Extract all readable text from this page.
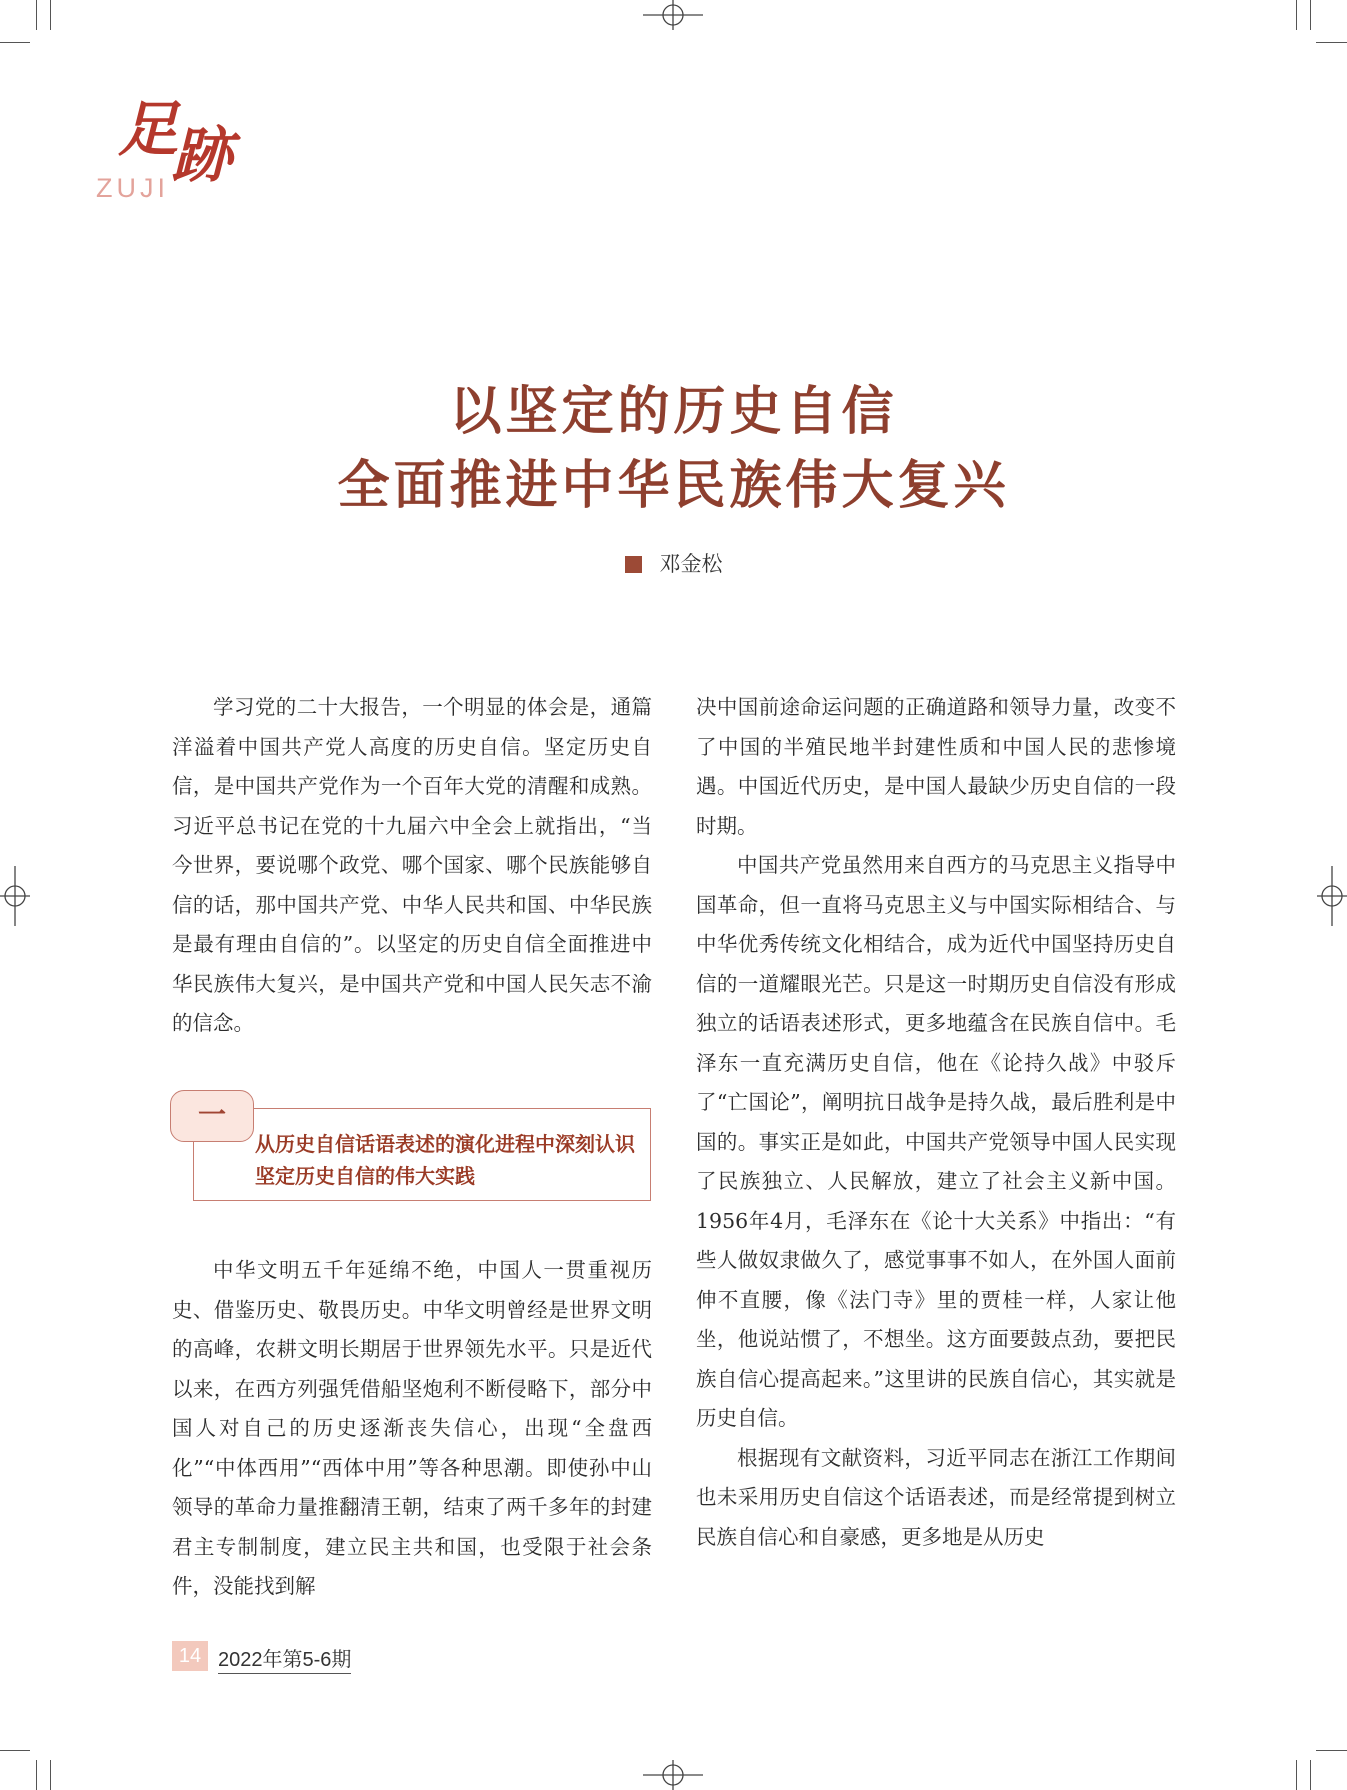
足跡
ZUJI
以坚定的历史自信
全面推进中华民族伟大复兴
邓金松

学习党的二十大报告，一个明显的体会是，通篇洋溢着中国共产党人高度的历史自信。坚定历史自信，是中国共产党作为一个百年大党的清醒和成熟。习近平总书记在党的十九届六中全会上就指出，“当今世界，要说哪个政党、哪个国家、哪个民族能够自信的话，那中国共产党、中华人民共和国、中华民族是最有理由自信的”。以坚定的历史自信全面推进中华民族伟大复兴，是中国共产党和中国人民矢志不渝的信念。

一
从历史自信话语表述的演化进程中深刻认识坚定历史自信的伟大实践

中华文明五千年延绵不绝，中国人一贯重视历史、借鉴历史、敬畏历史。中华文明曾经是世界文明的高峰，农耕文明长期居于世界领先水平。只是近代以来，在西方列强凭借船坚炮利不断侵略下，部分中国人对自己的历史逐渐丧失信心，出现“全盘西化”“中体西用”“西体中用”等各种思潮。即使孙中山领导的革命力量推翻清王朝，结束了两千多年的封建君主专制制度，建立民主共和国，也受限于社会条件，没能找到解

决中国前途命运问题的正确道路和领导力量，改变不了中国的半殖民地半封建性质和中国人民的悲惨境遇。中国近代历史，是中国人最缺少历史自信的一段时期。

中国共产党虽然用来自西方的马克思主义指导中国革命，但一直将马克思主义与中国实际相结合、与中华优秀传统文化相结合，成为近代中国坚持历史自信的一道耀眼光芒。只是这一时期历史自信没有形成独立的话语表述形式，更多地蕴含在民族自信中。毛泽东一直充满历史自信，他在《论持久战》中驳斥了“亡国论”，阐明抗日战争是持久战，最后胜利是中国的。事实正是如此，中国共产党领导中国人民实现了民族独立、人民解放，建立了社会主义新中国。1956年4月，毛泽东在《论十大关系》中指出：“有些人做奴隶做久了，感觉事事不如人，在外国人面前伸不直腰，像《法门寺》里的贾桂一样，人家让他坐，他说站惯了，不想坐。这方面要鼓点劲，要把民族自信心提高起来。”这里讲的民族自信心，其实就是历史自信。

根据现有文献资料，习近平同志在浙江工作期间也未采用历史自信这个话语表述，而是经常提到树立民族自信心和自豪感，更多地是从历史

14 2022年第5-6期
